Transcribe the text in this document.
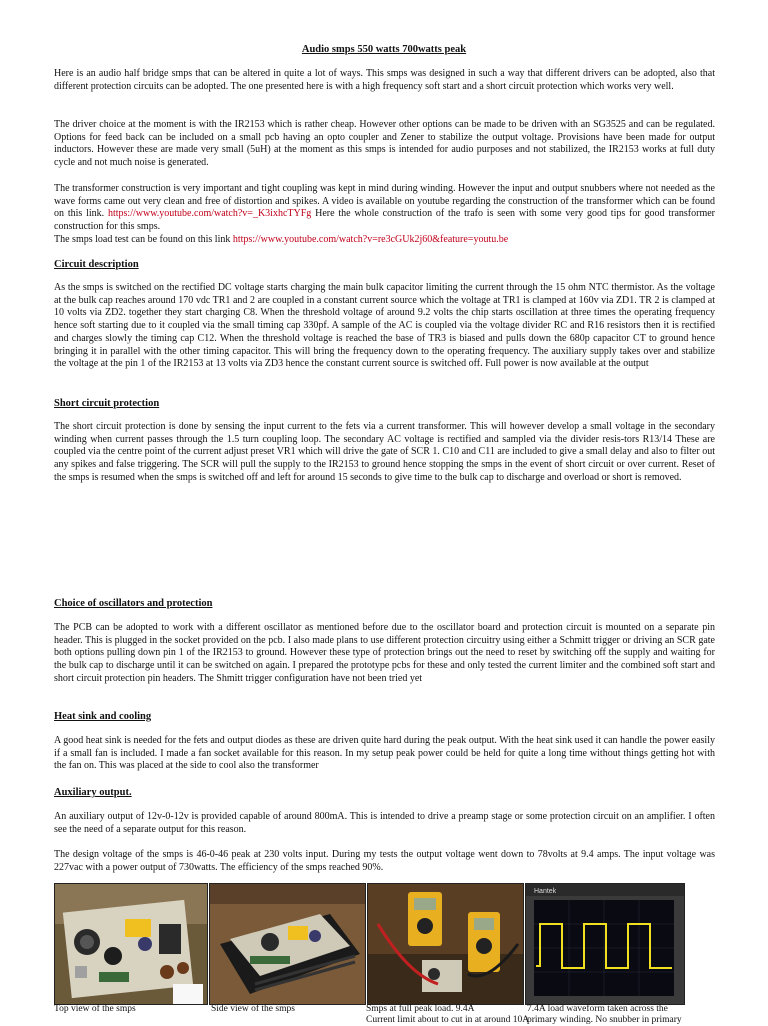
Audio smps 550 watts 700watts peak

Here is an audio half bridge smps that can be altered in quite a lot of ways. This smps was designed in such a way that different drivers can be adopted, also that different protection circuits can be adopted. The one presented here is with a high frequency soft start and a short circuit protection which works very well.

The driver choice at the moment is with the IR2153 which is rather cheap. However other options can be made to be driven with an SG3525 and can be regulated. Options for feed back can be included on a small pcb having an opto coupler and Zener to stabilize the output voltage. Provisions have been made for output inductors. However these are made very small (5uH) at the moment as this smps is intended for audio purposes and not stabilized, the IR2153 works at full duty cycle and not much noise is generated.

The transformer construction is very important and tight coupling was kept in mind during winding. However the input and output snubbers where not needed as the wave forms came out very clean and free of distortion and spikes. A video is available on youtube regarding the construction of the transformer which can be found on this link. https://www.youtube.com/watch?v=_K3ixhcTYFg Here the whole construction of the trafo is seen with some very good tips for good transformer construction for this smps.

The smps load test can be found on this link https://www.youtube.com/watch?v=re3cGUk2j60&feature=youtu.be

Circuit description

As the smps is switched on the rectified DC voltage starts charging the main bulk capacitor limiting the current through the 15 ohm NTC thermistor. As the voltage at the bulk cap reaches around 170 vdc TR1 and 2 are coupled in a constant current source which the voltage at TR1 is clamped at 160v via ZD1. TR 2 is clamped at 10 volts via ZD2. together they start charging C8. When the threshold voltage of around 9.2 volts the chip starts oscillation at three times the operating frequency hence soft starting due to it coupled via the small timing cap 330pf. A sample of the AC is coupled via the voltage divider RC and R16 resistors then it is rectified and charges slowly the timing cap C12. When the threshold voltage is reached the base of TR3 is biased and pulls down the 680p capacitor CT to ground hence bringing it in parallel with the other timing capacitor. This will bring the frequency down to the operating frequency. The auxiliary supply takes over and stabilize the voltage at the pin 1 of the IR2153 at 13 volts via ZD3 hence the constant current source is switched off. Full power is now available at the output

Short circuit protection

The short circuit protection is done by sensing the input current to the fets via a current transformer. This will however develop a small voltage in the secondary winding when current passes through the 1.5 turn coupling loop. The secondary AC voltage is rectified and sampled via the divider resis-tors R13/14 These are coupled via the centre point of the current adjust preset VR1 which will drive the gate of SCR 1. C10 and C11 are included to give a small delay and also to filter out any spikes and false triggering. The SCR will pull the supply to the IR2153 to ground hence stopping the smps in the event of short circuit or over current. Reset of the smps is resumed when the smps is switched off and left for around 15 seconds to give time to the bulk cap to discharge and overload or short is removed.

Choice of oscillators and protection

The PCB can be adopted to work with a different oscillator as mentioned before due to the oscillator board and protection circuit is mounted on a separate pin header. This is plugged in the socket provided on the pcb. I also made plans to use different protection circuitry using either a Schmitt trigger or driving an SCR gate both options pulling down pin 1 of the IR2153 to ground. However these type of protection brings out the need to reset by switching off the supply and waiting for the bulk cap to discharge until it can be switched on again. I prepared the prototype pcbs for these and only tested the current limiter and the combined soft start and short circuit protection pin headers. The Shmitt trigger configuration have not been tried yet

Heat sink and cooling

A good heat sink is needed for the fets and output diodes as these are driven quite hard during the peak output. With the heat sink used it can handle the power easily if a small fan is included. I made a fan socket available for this reason. In my setup peak power could be held for quite a long time without things getting hot with the fan on. This was placed at the side to cool also the transformer

Auxiliary output.

An auxiliary output of 12v-0-12v is provided capable of around 800mA. This is intended to drive a preamp stage or some protection circuit on an amplifier. I often see the need of a separate output for this reason.

The design voltage of the smps is 46-0-46 peak at 230 volts input. During my tests the output voltage went down to 78volts at 9.4 amps. The input voltage was 227vac with a power output of 730watts. The efficiency of the smps reached 90%.

Hantek
Top view of the smps	Side view of the smps	Smps at full peak load. 9.4A
Current limit about to cut in at around 10A
7.4A load waveform taken across the
primary winding. No snubber in primary
